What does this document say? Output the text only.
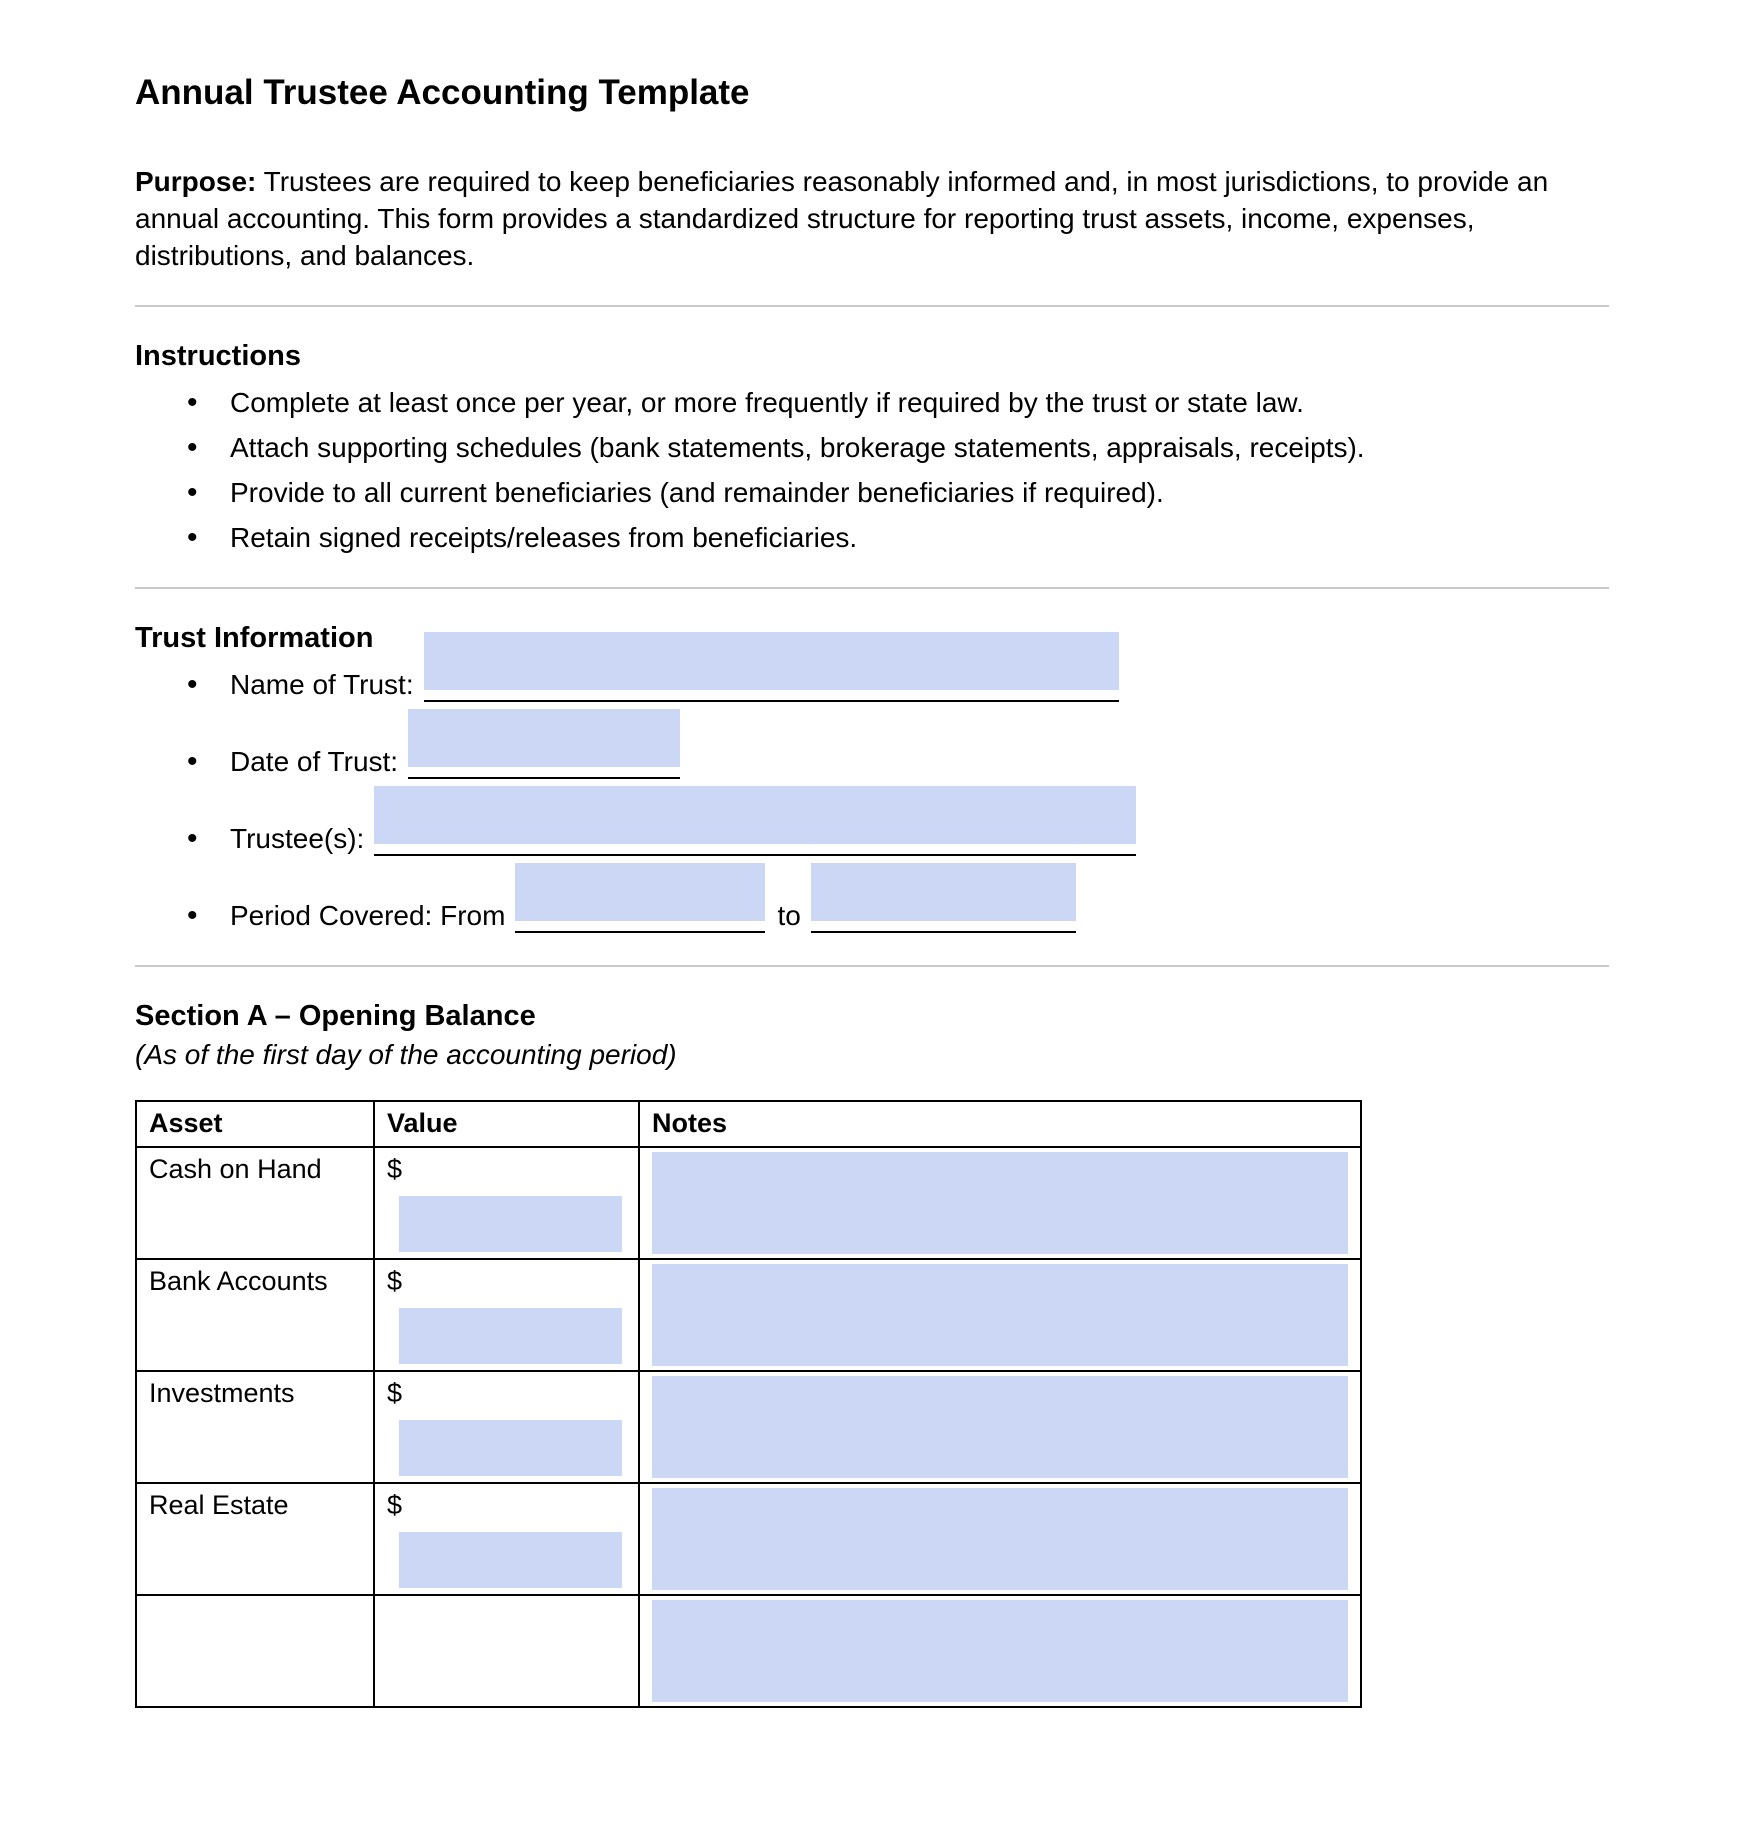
Annual Trustee Accounting Template

Purpose: Trustees are required to keep beneficiaries reasonably informed and, in most jurisdictions, to provide an annual accounting. This form provides a standardized structure for reporting trust assets, income, expenses, distributions, and balances.

Instructions
• Complete at least once per year, or more frequently if required by the trust or state law.
• Attach supporting schedules (bank statements, brokerage statements, appraisals, receipts).
• Provide to all current beneficiaries (and remainder beneficiaries if required).
• Retain signed receipts/releases from beneficiaries.
Trust Information
• Name of Trust:
• Date of Trust:
• Trustee(s):
• Period Covered: From	to
Section A – Opening Balance

(As of the first day of the accounting period)

Asset	Value	Notes
Cash on Hand	$	

Bank Accounts	$	

Investments	$	

Real Estate	$	
